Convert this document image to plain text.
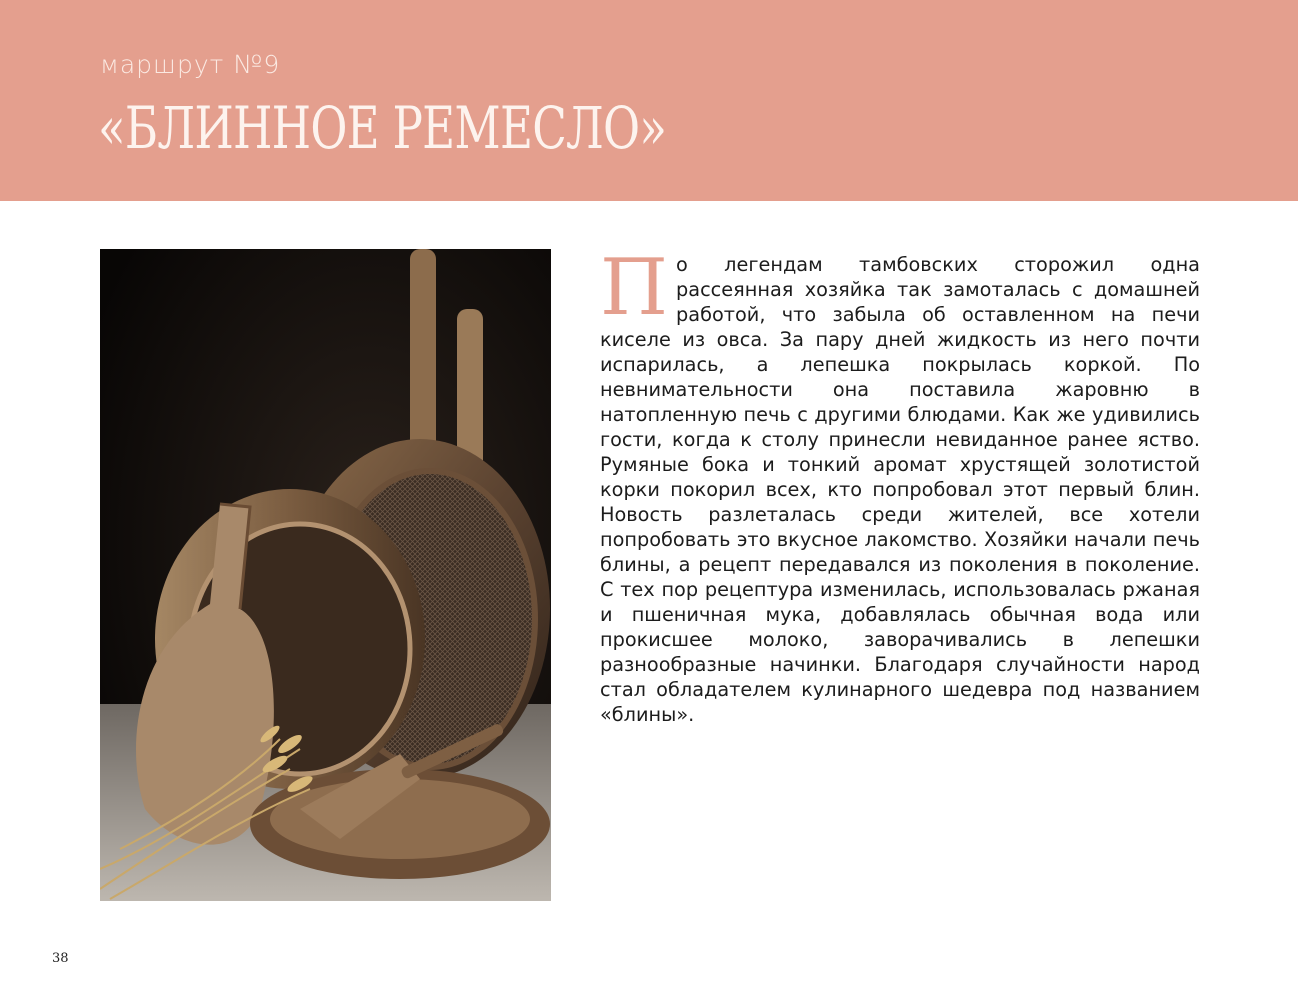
маршрут №9
«БЛИННОЕ РЕМЕСЛО»
По легендам тамбовских сторожил одна рассеянная хозяйка так замоталась с домашней работой, что забыла об оставленном на печи киселе из овса. За пару дней жидкость из него почти испарилась, а лепешка покрылась коркой. По невнимательности она поставила жаровню в натопленную печь с другими блюдами. Как же удивились гости, когда к столу принесли невиданное ранее яство. Румяные бока и тонкий аромат хрустящей золотистой корки покорил всех, кто попробовал этот первый блин. Новость разлеталась среди жителей, все хотели попробовать это вкусное лакомство. Хозяйки начали печь блины, а рецепт передавался из поколения в поколение. С тех пор рецептура изменилась, использовалась ржаная и пшеничная мука, добавлялась обычная вода или прокисшее молоко, заворачивались в лепешки разнообразные начинки. Благодаря случайности народ стал обладателем кулинарного шедевра под названием «блины».
38
